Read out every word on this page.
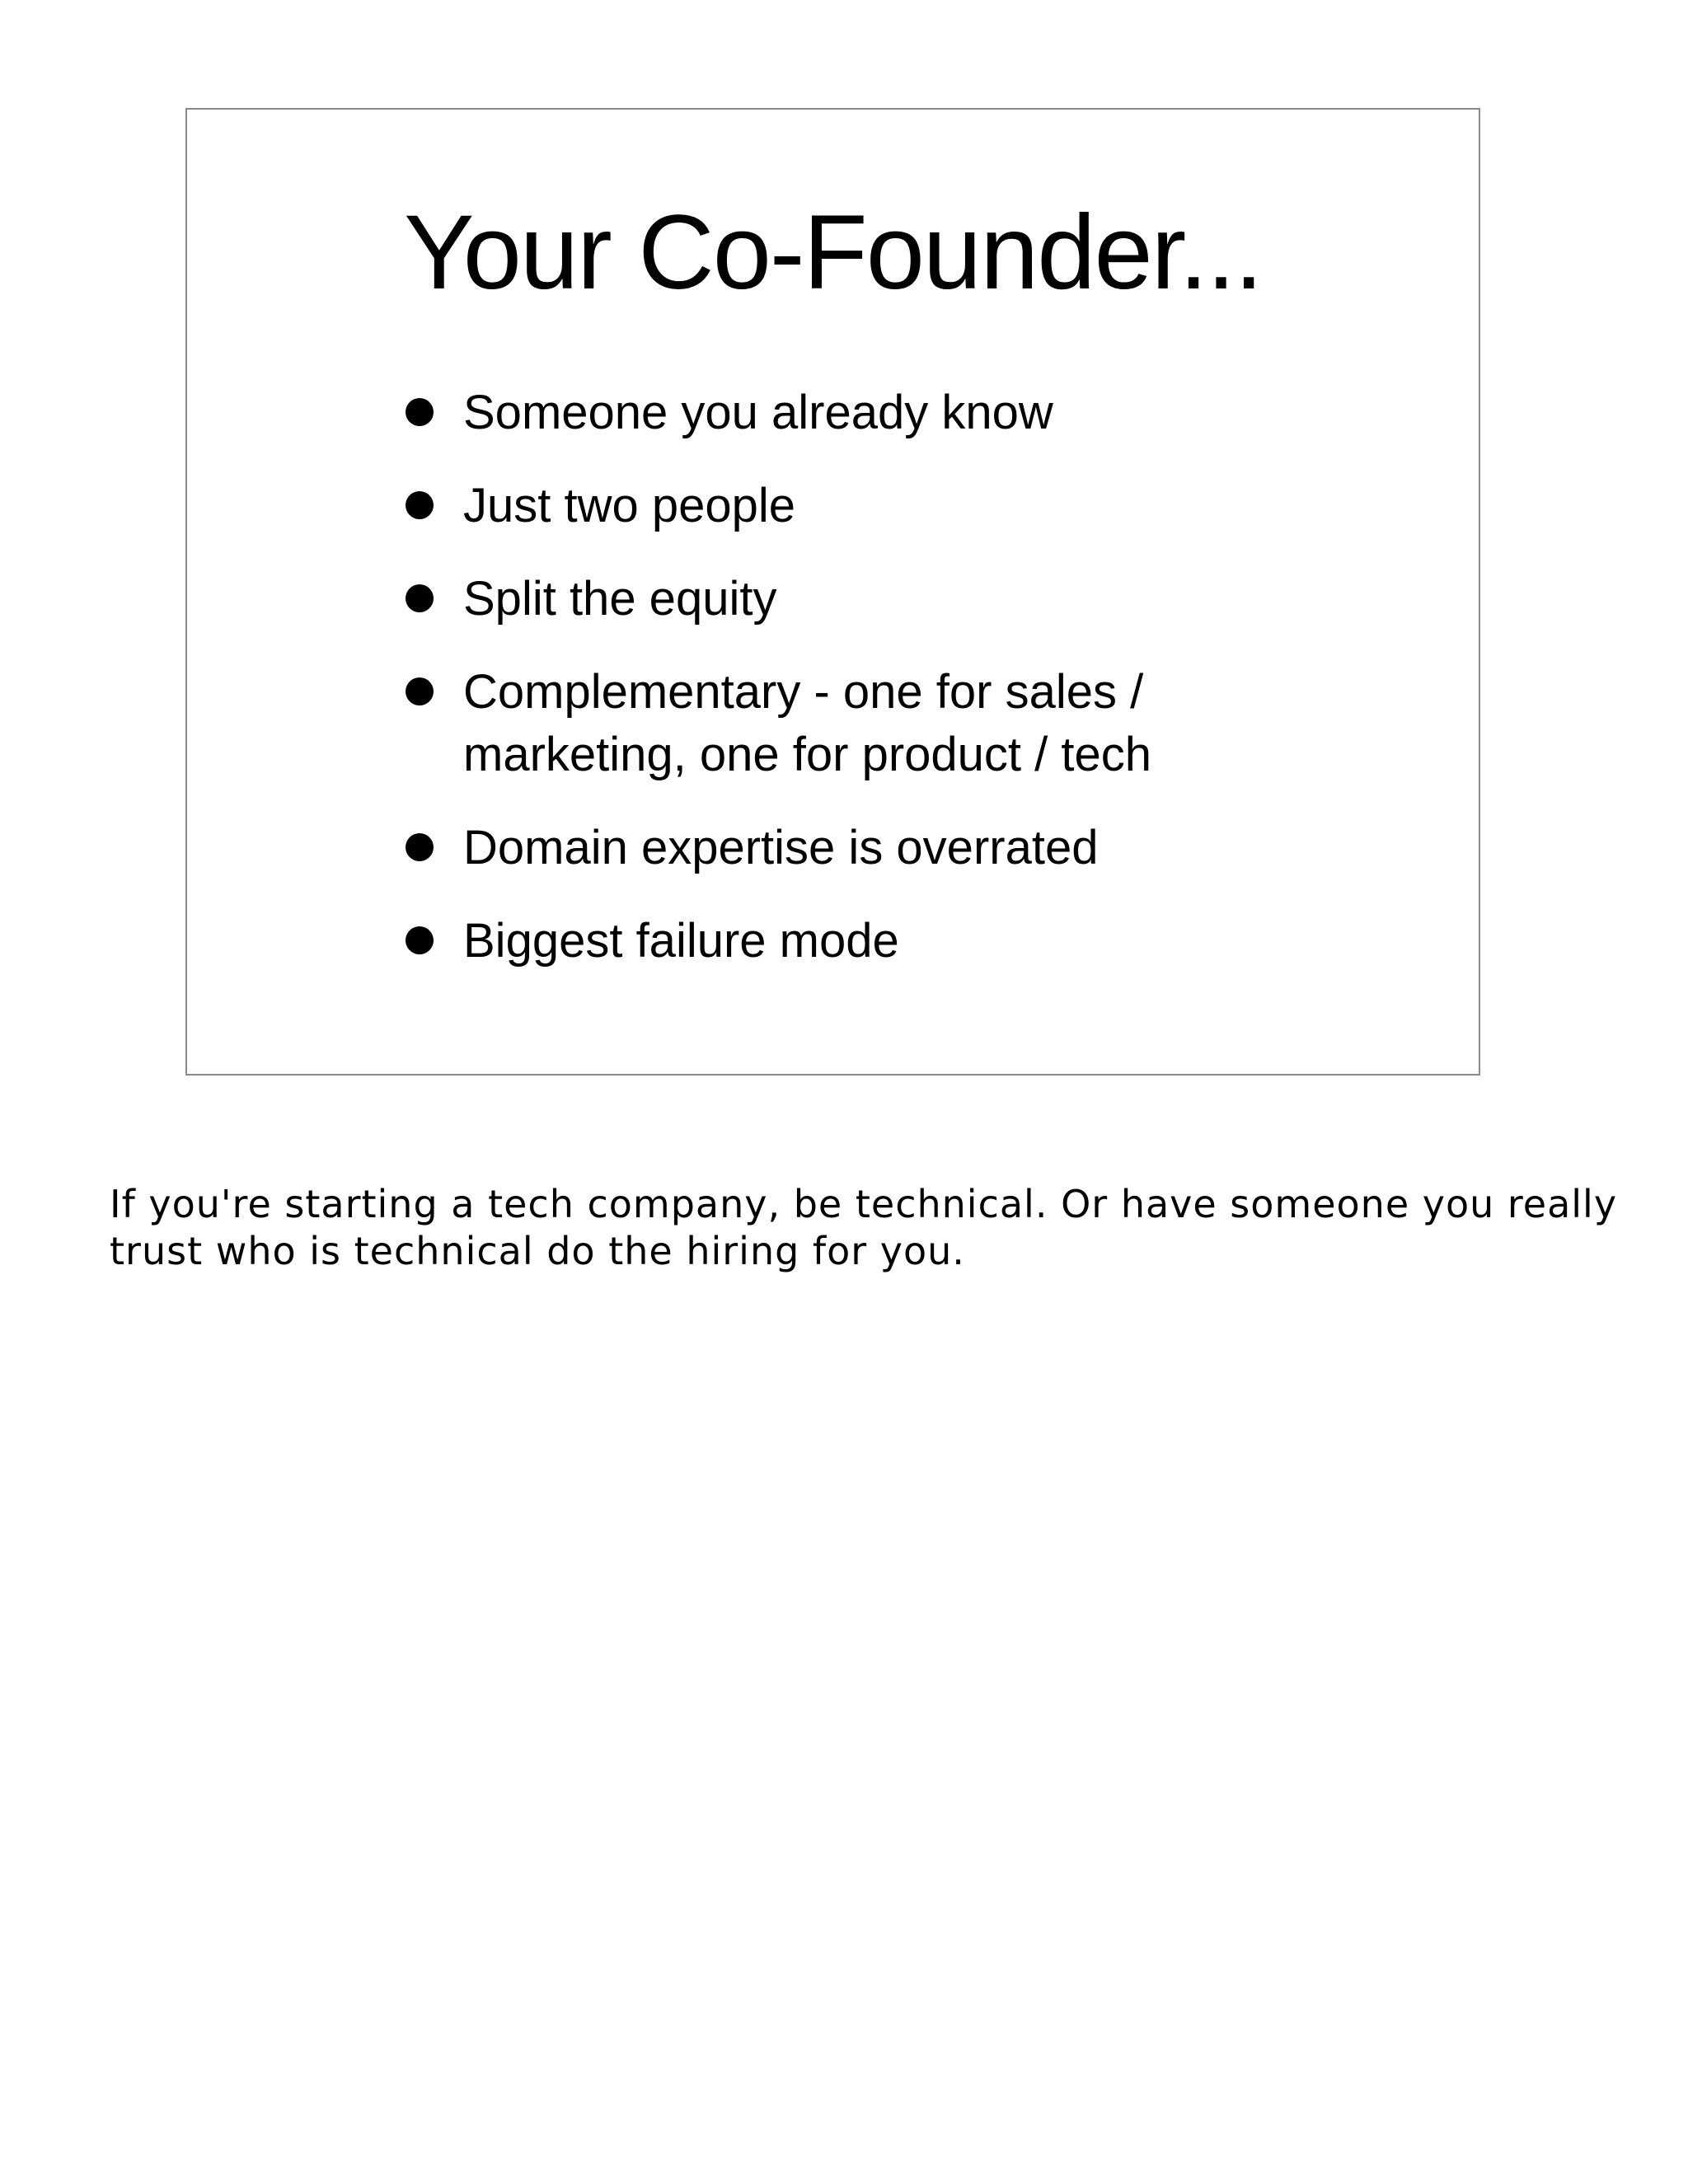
Your Co-Founder...
Someone you already know
Just two people
Split the equity
Complementary - one for sales /
marketing, one for product / tech
Domain expertise is overrated
Biggest failure mode
If you're starting a tech company, be technical. Or have someone you really
trust who is technical do the hiring for you.
